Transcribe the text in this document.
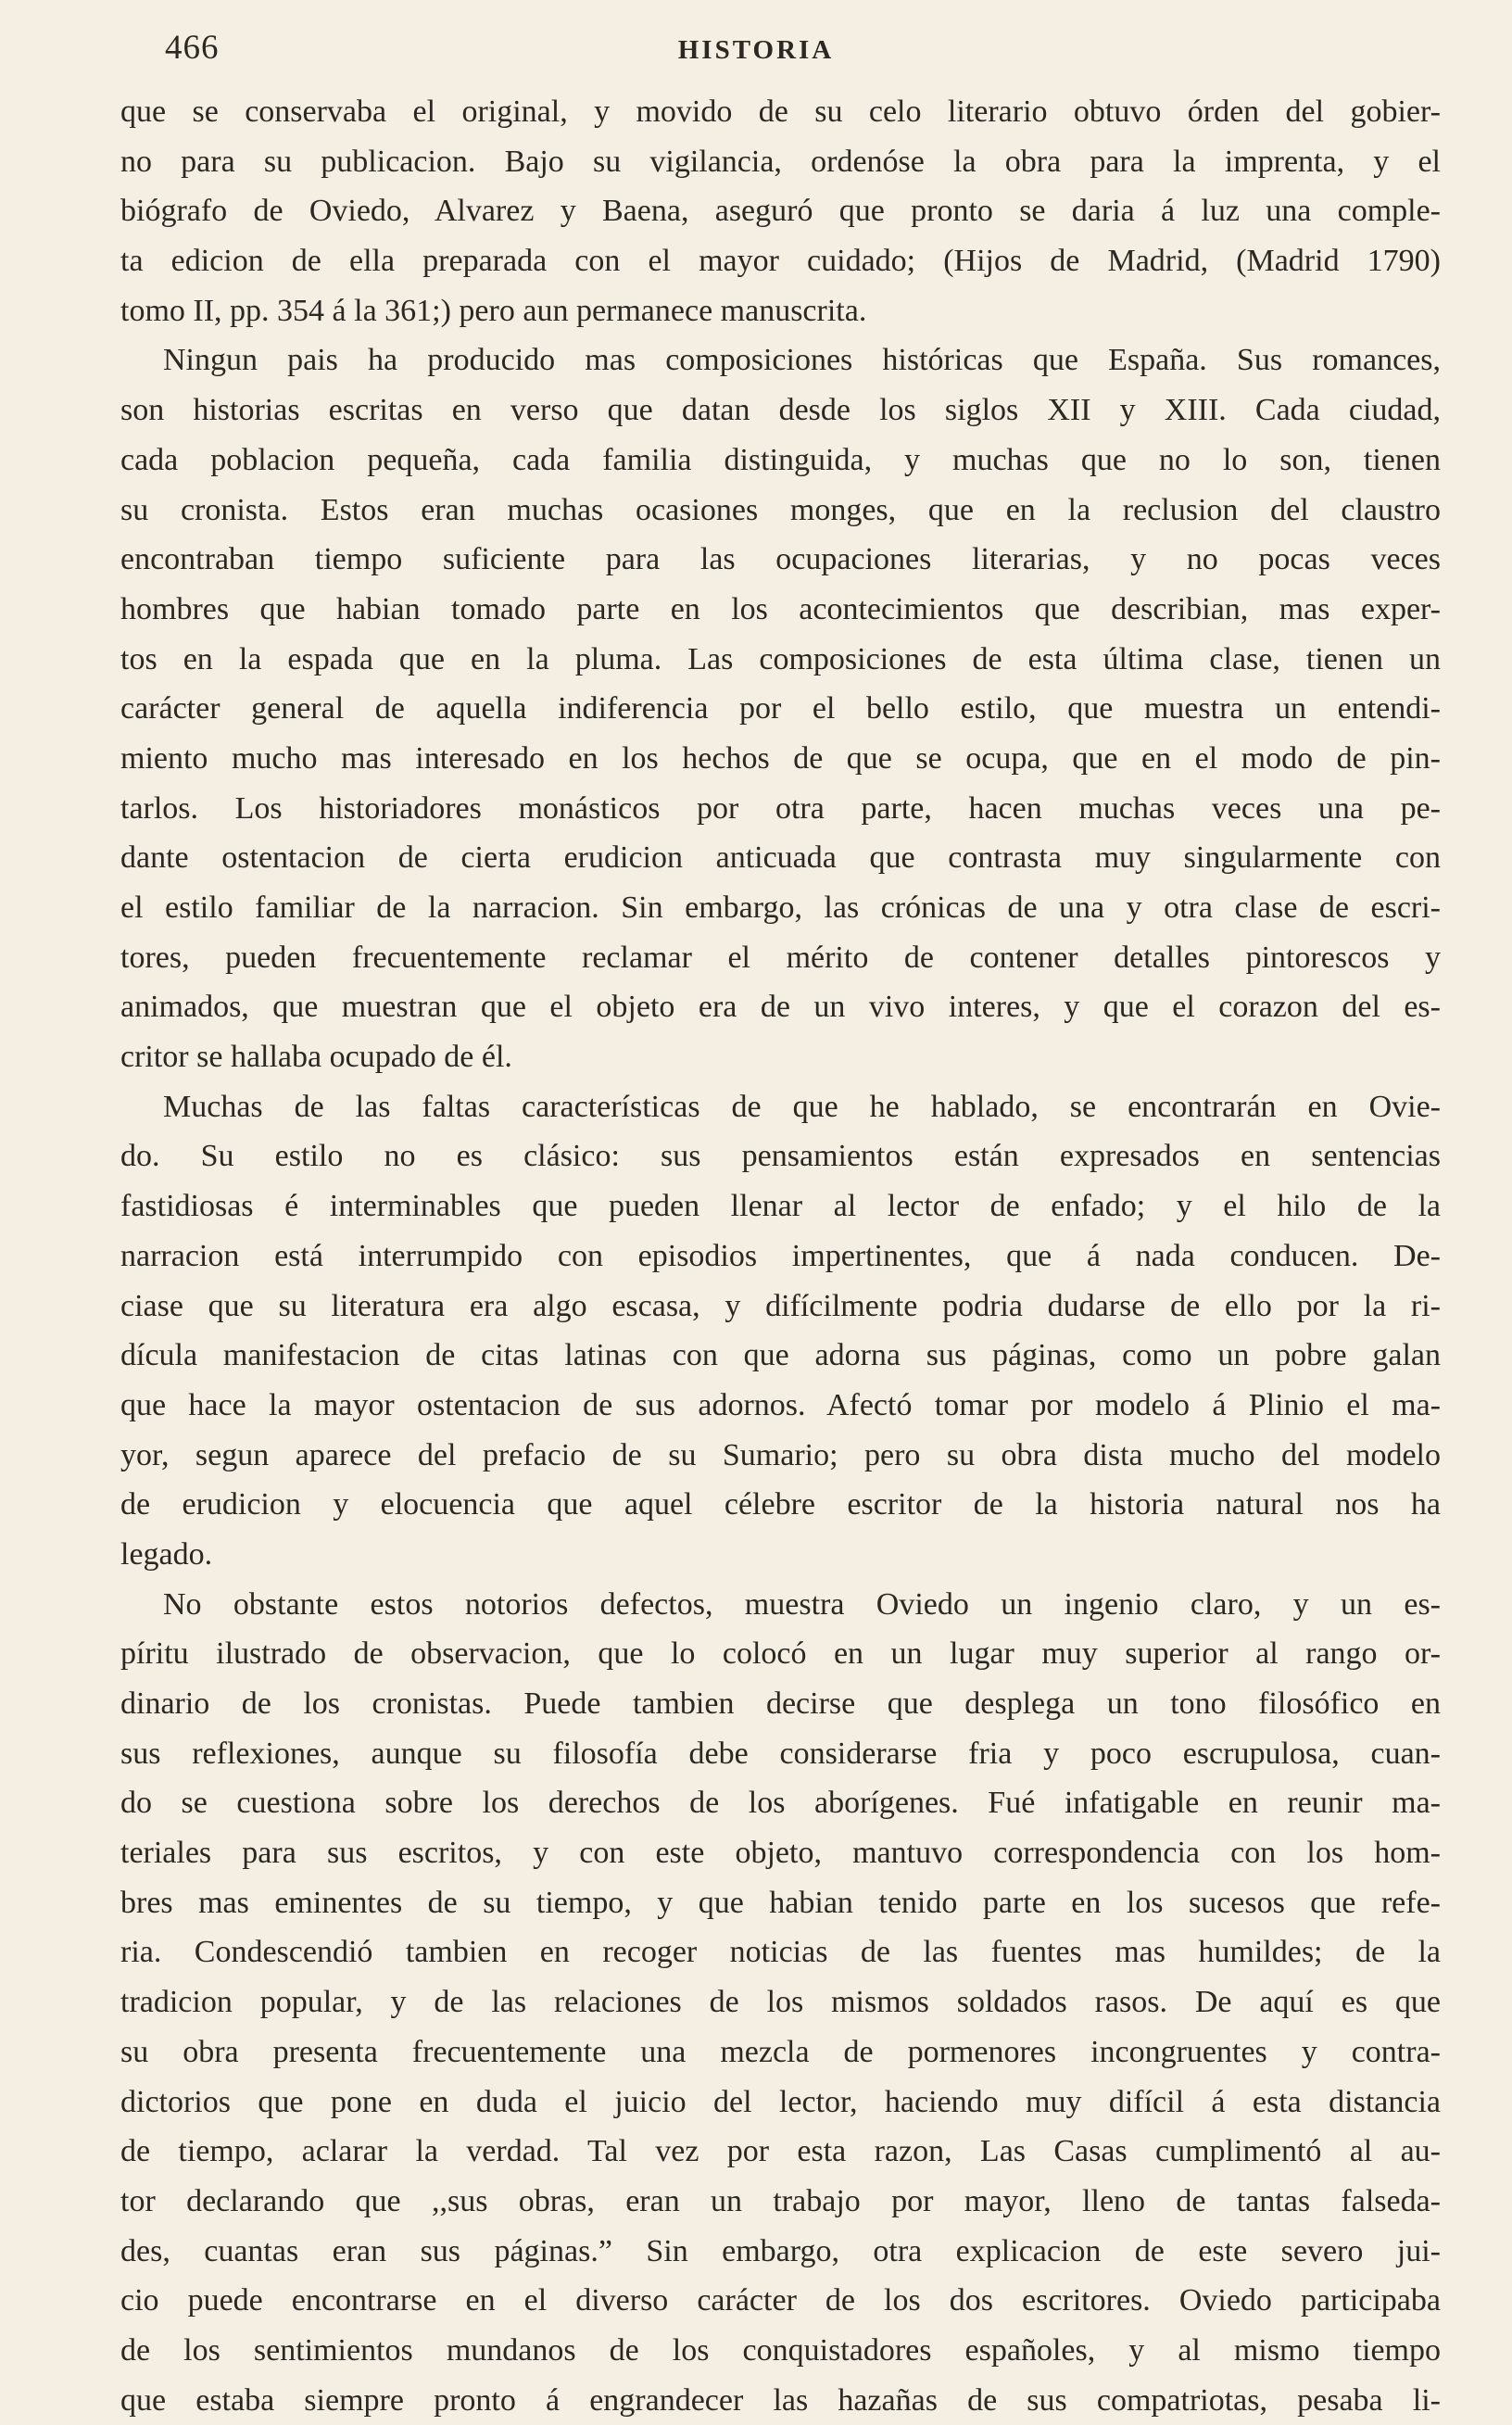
466	HISTORIA
que se conservaba el original, y movido de su celo literario obtuvo órden del gobier-
no para su publicacion. Bajo su vigilancia, ordenóse la obra para la imprenta, y el
biógrafo de Oviedo, Alvarez y Baena, aseguró que pronto se daria á luz una comple-
ta edicion de ella preparada con el mayor cuidado; (Hijos de Madrid, (Madrid 1790)
tomo II, pp. 354 á la 361;) pero aun permanece manuscrita.
Ningun pais ha producido mas composiciones históricas que España. Sus romances,
son historias escritas en verso que datan desde los siglos XII y XIII. Cada ciudad,
cada poblacion pequeña, cada familia distinguida, y muchas que no lo son, tienen
su cronista. Estos eran muchas ocasiones monges, que en la reclusion del claustro
encontraban tiempo suficiente para las ocupaciones literarias, y no pocas veces
hombres que habian tomado parte en los acontecimientos que describian, mas exper-
tos en la espada que en la pluma. Las composiciones de esta última clase, tienen un
carácter general de aquella indiferencia por el bello estilo, que muestra un entendi-
miento mucho mas interesado en los hechos de que se ocupa, que en el modo de pin-
tarlos. Los historiadores monásticos por otra parte, hacen muchas veces una pe-
dante ostentacion de cierta erudicion anticuada que contrasta muy singularmente con
el estilo familiar de la narracion. Sin embargo, las crónicas de una y otra clase de escri-
tores, pueden frecuentemente reclamar el mérito de contener detalles pintorescos y
animados, que muestran que el objeto era de un vivo interes, y que el corazon del es-
critor se hallaba ocupado de él.
Muchas de las faltas características de que he hablado, se encontrarán en Ovie-
do. Su estilo no es clásico: sus pensamientos están expresados en sentencias
fastidiosas é interminables que pueden llenar al lector de enfado; y el hilo de la
narracion está interrumpido con episodios impertinentes, que á nada conducen. De-
ciase que su literatura era algo escasa, y difícilmente podria dudarse de ello por la ri-
dícula manifestacion de citas latinas con que adorna sus páginas, como un pobre galan
que hace la mayor ostentacion de sus adornos. Afectó tomar por modelo á Plinio el ma-
yor, segun aparece del prefacio de su Sumario; pero su obra dista mucho del modelo
de erudicion y elocuencia que aquel célebre escritor de la historia natural nos ha
legado.
No obstante estos notorios defectos, muestra Oviedo un ingenio claro, y un es-
píritu ilustrado de observacion, que lo colocó en un lugar muy superior al rango or-
dinario de los cronistas. Puede tambien decirse que desplega un tono filosófico en
sus reflexiones, aunque su filosofía debe considerarse fria y poco escrupulosa, cuan-
do se cuestiona sobre los derechos de los aborígenes. Fué infatigable en reunir ma-
teriales para sus escritos, y con este objeto, mantuvo correspondencia con los hom-
bres mas eminentes de su tiempo, y que habian tenido parte en los sucesos que refe-
ria. Condescendió tambien en recoger noticias de las fuentes mas humildes; de la
tradicion popular, y de las relaciones de los mismos soldados rasos. De aquí es que
su obra presenta frecuentemente una mezcla de pormenores incongruentes y contra-
dictorios que pone en duda el juicio del lector, haciendo muy difícil á esta distancia
de tiempo, aclarar la verdad. Tal vez por esta razon, Las Casas cumplimentó al au-
tor declarando que ,,sus obras, eran un trabajo por mayor, lleno de tantas falseda-
des, cuantas eran sus páginas.” Sin embargo, otra explicacion de este severo jui-
cio puede encontrarse en el diverso carácter de los dos escritores. Oviedo participaba
de los sentimientos mundanos de los conquistadores españoles, y al mismo tiempo
que estaba siempre pronto á engrandecer las hazañas de sus compatriotas, pesaba li-
